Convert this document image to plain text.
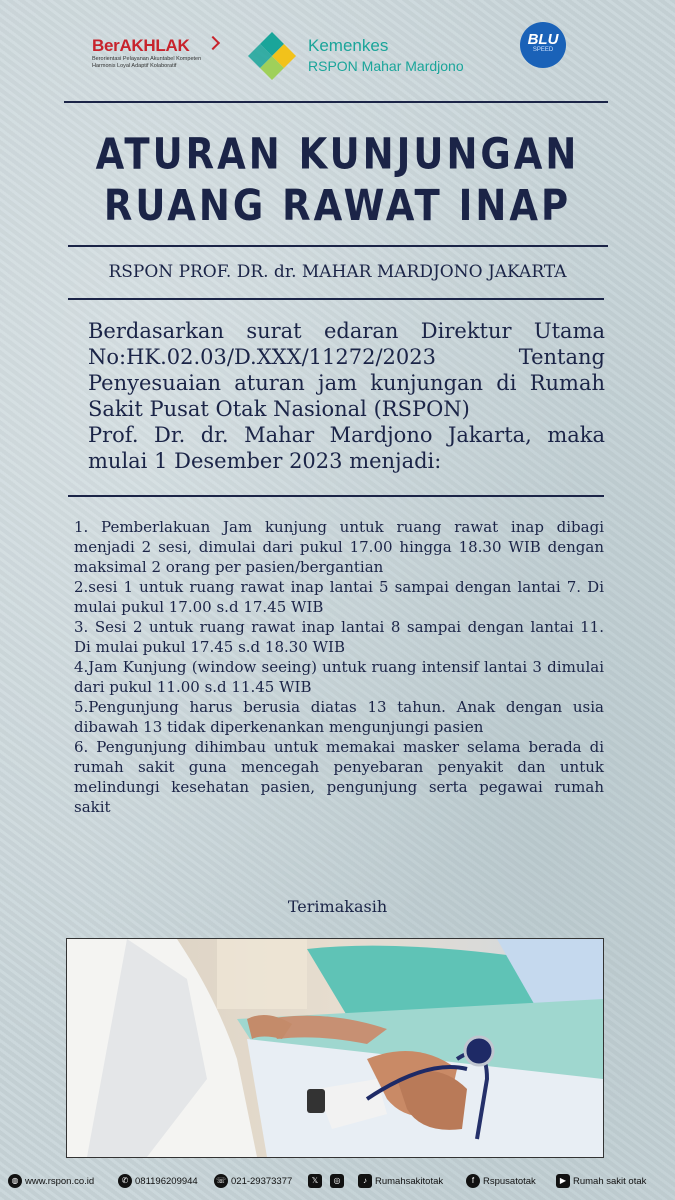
BerAKHLAK
Berorientasi Pelayanan Akuntabel Kompeten Harmonis Loyal Adaptif Kolaboratif
Kemenkes
RSPON Mahar Mardjono
BLU
SPEED
ATURAN KUNJUNGAN
RUANG RAWAT INAP
RSPON PROF. DR. dr. MAHAR MARDJONO JAKARTA
Berdasarkan surat edaran Direktur Utama
No:HK.02.03/D.XXX/11272/2023 Tentang
Penyesuaian aturan jam kunjungan di Rumah
Sakit Pusat Otak Nasional (RSPON)
Prof. Dr. dr. Mahar Mardjono Jakarta, maka
mulai 1 Desember 2023 menjadi:
1. Pemberlakuan Jam kunjung untuk ruang rawat inap dibagi menjadi 2 sesi, dimulai dari pukul 17.00 hingga 18.30 WIB dengan maksimal 2 orang per pasien/bergantian
2.sesi 1 untuk ruang rawat inap lantai 5 sampai dengan lantai 7. Di mulai pukul 17.00 s.d 17.45 WIB
3. Sesi 2 untuk ruang rawat inap lantai 8 sampai dengan lantai 11. Di mulai pukul 17.45 s.d 18.30 WIB
4.Jam Kunjung (window seeing) untuk ruang intensif lantai 3 dimulai dari pukul 11.00 s.d 11.45 WIB
5.Pengunjung harus berusia diatas 13 tahun. Anak dengan usia dibawah 13 tidak diperkenankan mengunjungi pasien
6. Pengunjung dihimbau untuk memakai masker selama berada di rumah sakit guna mencegah penyebaran penyakit dan untuk melindungi kesehatan pasien, pengunjung serta pegawai rumah sakit
Terimakasih
◍ www.rspon.co.id	✆ 081196209944 ☏ 021-29373377	𝕏	◎	♪ Rumahsakitotak	f Rspusatotak	▶ Rumah sakit otak
